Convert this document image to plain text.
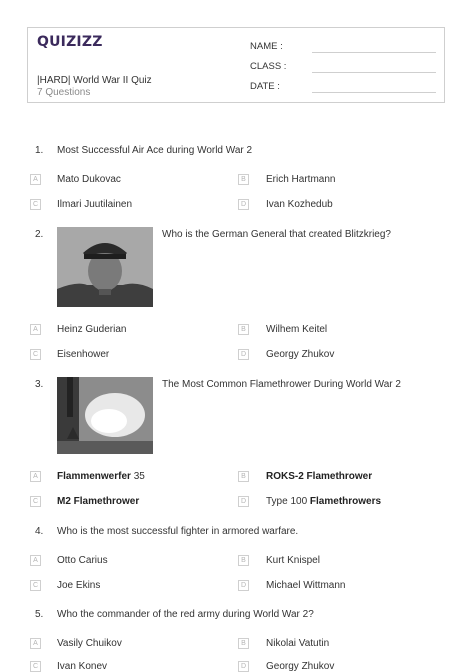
QUIZIZZ
|HARD| World War II Quiz
7 Questions
NAME :
CLASS :
DATE :
1. Most Successful Air Ace during World War 2
A	Mato Dukovac	B	Erich Hartmann
C Ilmari Juutilainen	D Ivan Kozhedub
2.	Who is the German General that created Blitzkrieg?
A	Heinz Guderian	B	Wilhem Keitel
C Eisenhower	D Georgy Zhukov
3.	The Most Common Flamethrower During World War 2
A	Flammenwerfer 35	B	ROKS-2 Flamethrower
C M2 Flamethrower	D Type 100 Flamethrowers
4. Who is the most successful fighter in armored warfare.
A	Otto Carius	B	Kurt Knispel
C Joe Ekins	D Michael Wittmann
5. Who the commander of the red army during World War 2?
A	Vasily Chuikov	B	Nikolai Vatutin
C Ivan Konev	D Georgy Zhukov
